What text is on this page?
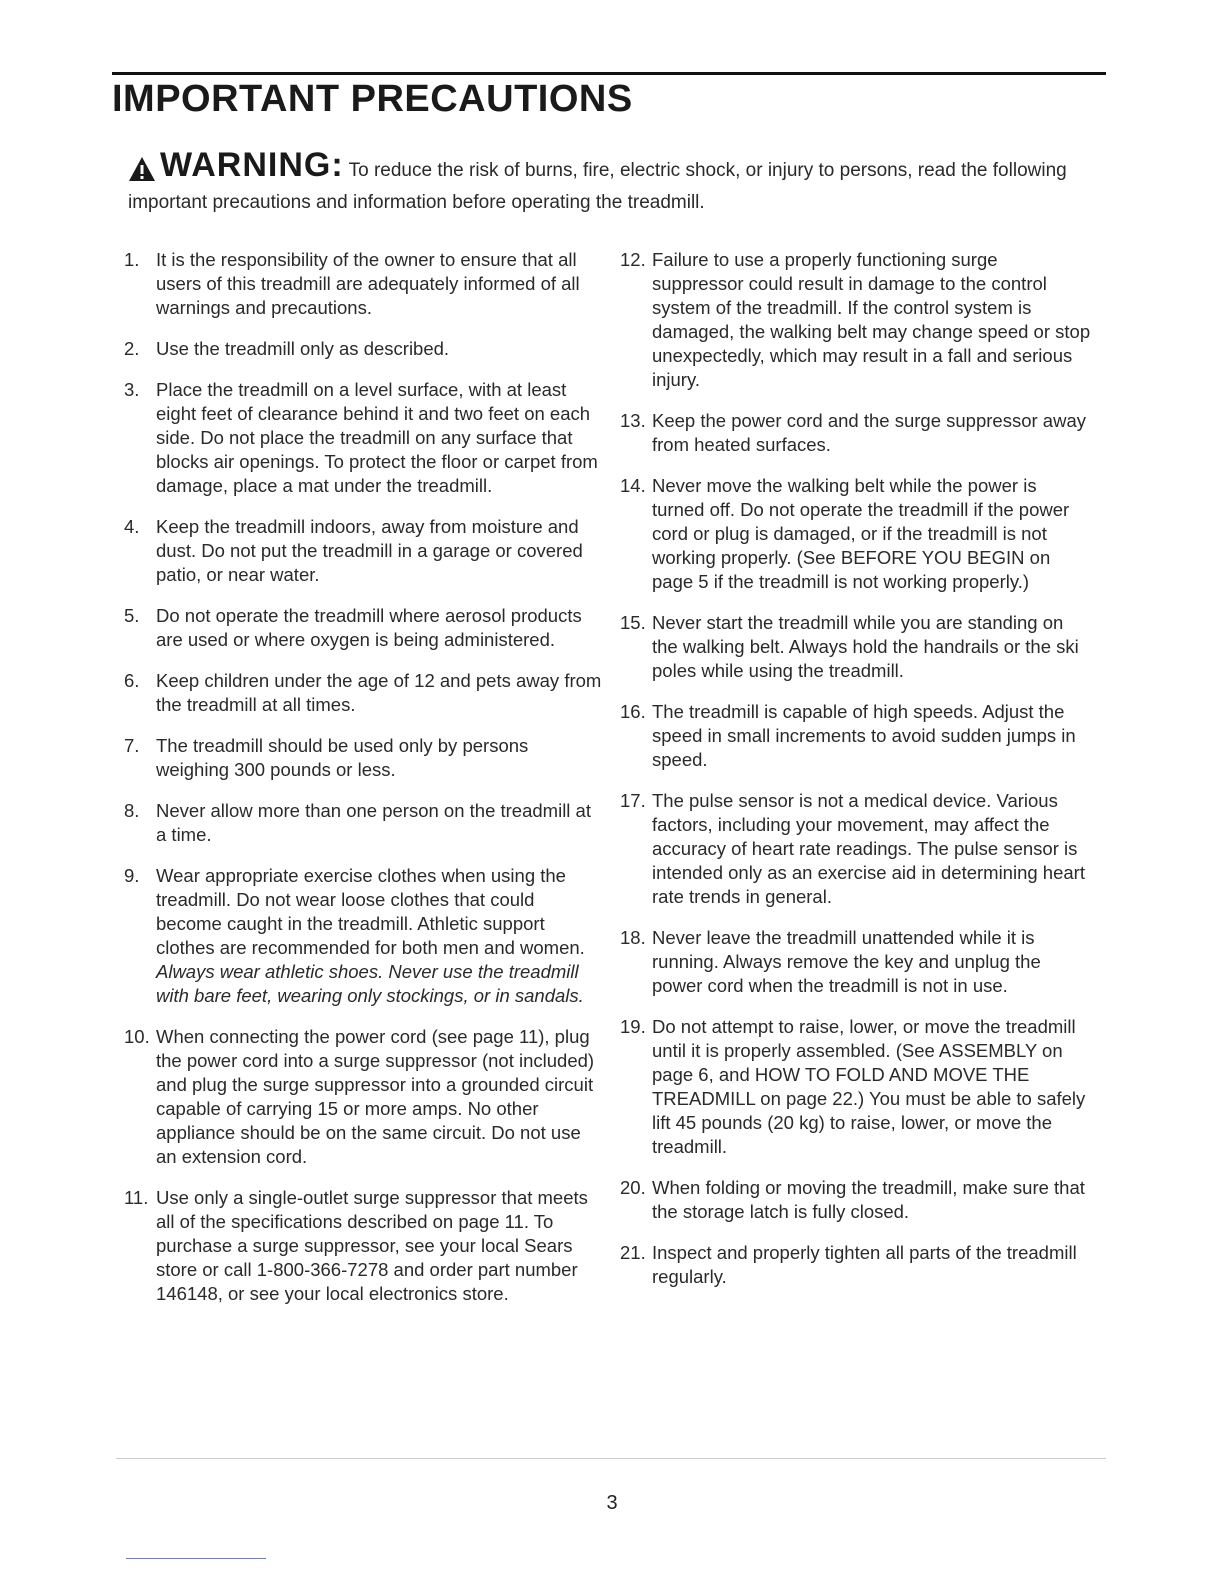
IMPORTANT PRECAUTIONS
WARNING: To reduce the risk of burns, fire, electric shock, or injury to persons, read the following important precautions and information before operating the treadmill.
1. It is the responsibility of the owner to ensure that all users of this treadmill are adequately informed of all warnings and precautions.
2. Use the treadmill only as described.
3. Place the treadmill on a level surface, with at least eight feet of clearance behind it and two feet on each side. Do not place the treadmill on any surface that blocks air openings. To protect the floor or carpet from damage, place a mat under the treadmill.
4. Keep the treadmill indoors, away from moisture and dust. Do not put the treadmill in a garage or covered patio, or near water.
5. Do not operate the treadmill where aerosol products are used or where oxygen is being administered.
6. Keep children under the age of 12 and pets away from the treadmill at all times.
7. The treadmill should be used only by persons weighing 300 pounds or less.
8. Never allow more than one person on the treadmill at a time.
9. Wear appropriate exercise clothes when using the treadmill. Do not wear loose clothes that could become caught in the treadmill. Athletic support clothes are recommended for both men and women. Always wear athletic shoes. Never use the treadmill with bare feet, wearing only stockings, or in sandals.
10. When connecting the power cord (see page 11), plug the power cord into a surge suppressor (not included) and plug the surge suppressor into a grounded circuit capable of carrying 15 or more amps. No other appliance should be on the same circuit. Do not use an extension cord.
11. Use only a single-outlet surge suppressor that meets all of the specifications described on page 11. To purchase a surge suppressor, see your local Sears store or call 1-800-366-7278 and order part number 146148, or see your local electronics store.
12. Failure to use a properly functioning surge suppressor could result in damage to the control system of the treadmill. If the control system is damaged, the walking belt may change speed or stop unexpectedly, which may result in a fall and serious injury.
13. Keep the power cord and the surge suppressor away from heated surfaces.
14. Never move the walking belt while the power is turned off. Do not operate the treadmill if the power cord or plug is damaged, or if the treadmill is not working properly. (See BEFORE YOU BEGIN on page 5 if the treadmill is not working properly.)
15. Never start the treadmill while you are standing on the walking belt. Always hold the handrails or the ski poles while using the treadmill.
16. The treadmill is capable of high speeds. Adjust the speed in small increments to avoid sudden jumps in speed.
17. The pulse sensor is not a medical device. Various factors, including your movement, may affect the accuracy of heart rate readings. The pulse sensor is intended only as an exercise aid in determining heart rate trends in general.
18. Never leave the treadmill unattended while it is running. Always remove the key and unplug the power cord when the treadmill is not in use.
19. Do not attempt to raise, lower, or move the treadmill until it is properly assembled. (See ASSEMBLY on page 6, and HOW TO FOLD AND MOVE THE TREADMILL on page 22.) You must be able to safely lift 45 pounds (20 kg) to raise, lower, or move the treadmill.
20. When folding or moving the treadmill, make sure that the storage latch is fully closed.
21. Inspect and properly tighten all parts of the treadmill regularly.
3
